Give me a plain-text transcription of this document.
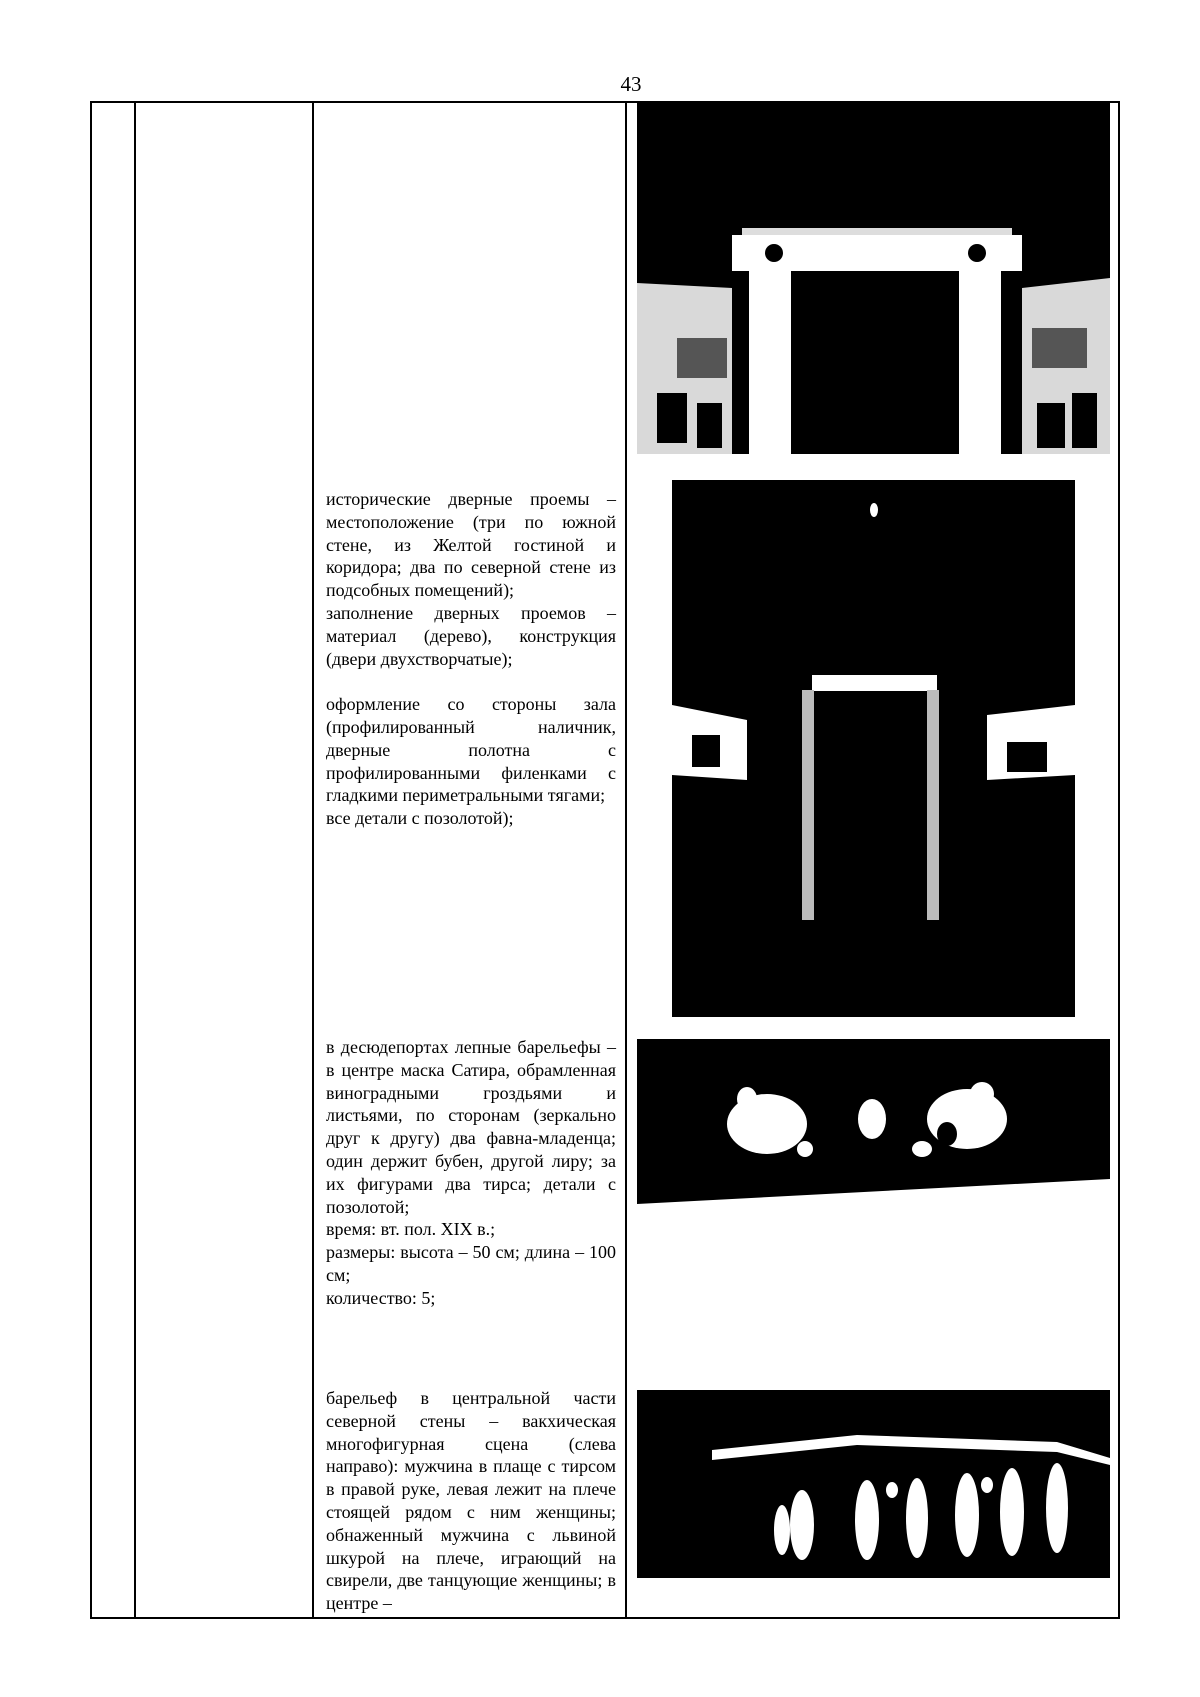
43

исторические дверные проемы – местоположение (три по южной стене, из Желтой гостиной и коридора; два по северной стене из подсобных помещений);

заполнение дверных проемов – материал (дерево), конструкция (двери двухстворчатые);

оформление со стороны зала (профилированный наличник, дверные полотна с профилированными филенками с гладкими периметральными тягами;

все детали с позолотой);

в десюдепортах лепные барельефы – в центре маска Сатира, обрамленная виноградными гроздьями и листьями, по сторонам (зеркально друг к другу) два фавна-младенца; один держит бубен, другой лиру; за их фигурами два тирса; детали с позолотой;

время: вт. пол. XIX в.;

размеры: высота – 50 см; длина – 100 см;

количество: 5;

барельеф в центральной части северной стены – вакхическая многофигурная сцена (слева направо): мужчина в плаще с тирсом в правой руке, левая лежит на плече стоящей рядом с ним женщины; обнаженный мужчина с львиной шкурой на плече, играющий на свирели, две танцующие женщины; в центре –
